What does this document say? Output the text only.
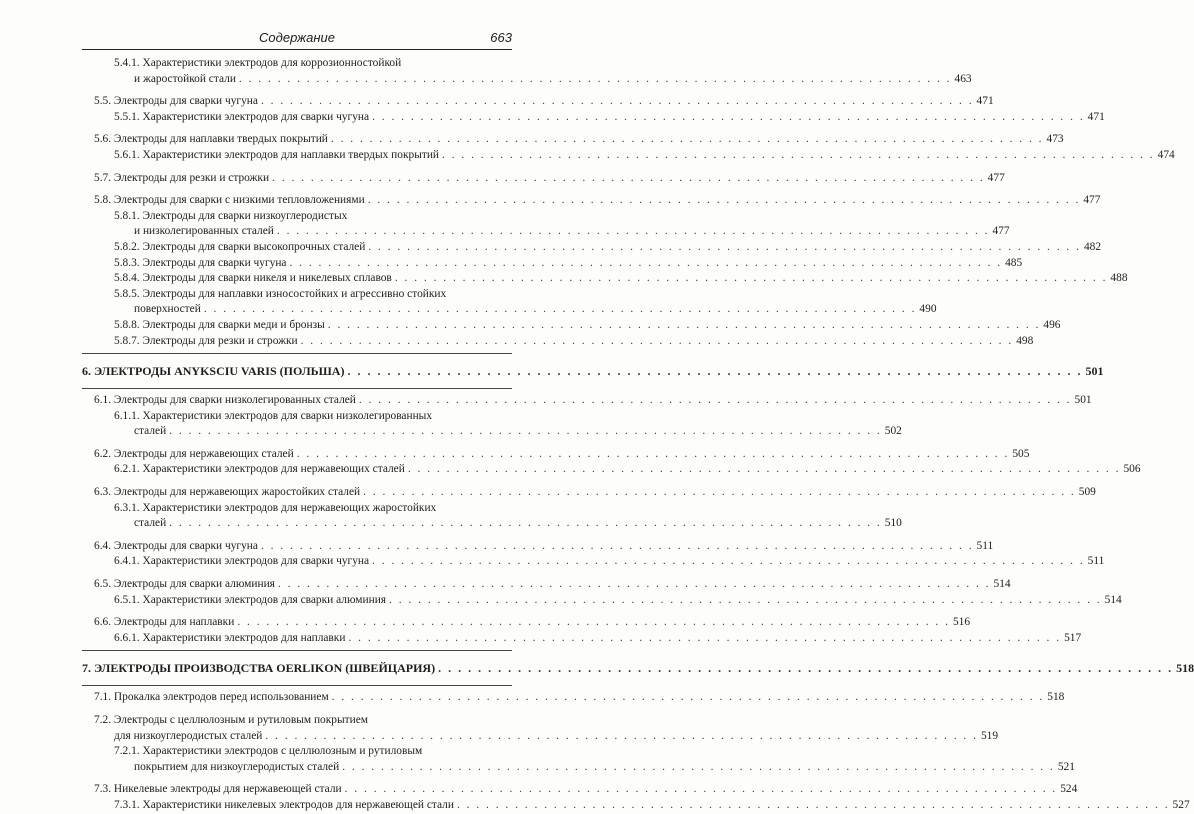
Содержание	663
5.4.1. Характеристики электродов для коррозионностойкой
и жаростойкой стали . . . . . . . . . . . . . . . . . . . . . . . . . . . . . . . . . . . . . . . . . . . . . . . . . . . . . . . . . . . . . . . . . . . . . . . . . . 463
5.5. Электроды для сварки чугуна . . . . . . . . . . . . . . . . . . . . . . . . . . . . . . . . . . . . . . . . . . . . . . . . . . . . . . . . . . . . . . . . . . . . . . . . . . 471
5.5.1. Характеристики электродов для сварки чугуна . . . . . . . . . . . . . . . . . . . . . . . . . . . . . . . . . . . . . . . . . . . . . . . . . . . . . . . . . . . . . . . . . . . . . . . . . . 471
5.6. Электроды для наплавки твердых покрытий . . . . . . . . . . . . . . . . . . . . . . . . . . . . . . . . . . . . . . . . . . . . . . . . . . . . . . . . . . . . . . . . . . . . . . . . . . 473
5.6.1. Характеристики электродов для наплавки твердых покрытий . . . . . . . . . . . . . . . . . . . . . . . . . . . . . . . . . . . . . . . . . . . . . . . . . . . . . . . . . . . . . . . . . . . . . . . . . . 474
5.7. Электроды для резки и строжки . . . . . . . . . . . . . . . . . . . . . . . . . . . . . . . . . . . . . . . . . . . . . . . . . . . . . . . . . . . . . . . . . . . . . . . . . . 477
5.8. Электроды для сварки с низкими тепловложениями . . . . . . . . . . . . . . . . . . . . . . . . . . . . . . . . . . . . . . . . . . . . . . . . . . . . . . . . . . . . . . . . . . . . . . . . . . 477
5.8.1. Электроды для сварки низкоуглеродистых
и низколегированных сталей . . . . . . . . . . . . . . . . . . . . . . . . . . . . . . . . . . . . . . . . . . . . . . . . . . . . . . . . . . . . . . . . . . . . . . . . . . 477
5.8.2. Электроды для сварки высокопрочных сталей . . . . . . . . . . . . . . . . . . . . . . . . . . . . . . . . . . . . . . . . . . . . . . . . . . . . . . . . . . . . . . . . . . . . . . . . . . 482
5.8.3. Электроды для сварки чугуна . . . . . . . . . . . . . . . . . . . . . . . . . . . . . . . . . . . . . . . . . . . . . . . . . . . . . . . . . . . . . . . . . . . . . . . . . . 485
5.8.4. Электроды для сварки никеля и никелевых сплавов . . . . . . . . . . . . . . . . . . . . . . . . . . . . . . . . . . . . . . . . . . . . . . . . . . . . . . . . . . . . . . . . . . . . . . . . . . 488
5.8.5. Электроды для наплавки износостойких и агрессивно стойких
поверхностей . . . . . . . . . . . . . . . . . . . . . . . . . . . . . . . . . . . . . . . . . . . . . . . . . . . . . . . . . . . . . . . . . . . . . . . . . . 490
5.8.8. Электроды для сварки меди и бронзы . . . . . . . . . . . . . . . . . . . . . . . . . . . . . . . . . . . . . . . . . . . . . . . . . . . . . . . . . . . . . . . . . . . . . . . . . . 496
5.8.7. Электроды для резки и строжки . . . . . . . . . . . . . . . . . . . . . . . . . . . . . . . . . . . . . . . . . . . . . . . . . . . . . . . . . . . . . . . . . . . . . . . . . . 498
6. ЭЛЕКТРОДЫ ANYKSCIU VARIS (ПОЛЬША) . . . . . . . . . . . . . . . . . . . . . . . . . . . . . . . . . . . . . . . . . . . . . . . . . . . . . . . . . . . . . . . . . . . . . . . . . . 501
6.1. Электроды для сварки низколегированных сталей . . . . . . . . . . . . . . . . . . . . . . . . . . . . . . . . . . . . . . . . . . . . . . . . . . . . . . . . . . . . . . . . . . . . . . . . . . 501
6.1.1. Характеристики электродов для сварки низколегированных
сталей . . . . . . . . . . . . . . . . . . . . . . . . . . . . . . . . . . . . . . . . . . . . . . . . . . . . . . . . . . . . . . . . . . . . . . . . . . 502
6.2. Электроды для нержавеющих сталей . . . . . . . . . . . . . . . . . . . . . . . . . . . . . . . . . . . . . . . . . . . . . . . . . . . . . . . . . . . . . . . . . . . . . . . . . . 505
6.2.1. Характеристики электродов для нержавеющих сталей . . . . . . . . . . . . . . . . . . . . . . . . . . . . . . . . . . . . . . . . . . . . . . . . . . . . . . . . . . . . . . . . . . . . . . . . . . 506
6.3. Электроды для нержавеющих жаростойких сталей . . . . . . . . . . . . . . . . . . . . . . . . . . . . . . . . . . . . . . . . . . . . . . . . . . . . . . . . . . . . . . . . . . . . . . . . . . 509
6.3.1. Характеристики электродов для нержавеющих жаростойких
сталей . . . . . . . . . . . . . . . . . . . . . . . . . . . . . . . . . . . . . . . . . . . . . . . . . . . . . . . . . . . . . . . . . . . . . . . . . . 510
6.4. Электроды для сварки чугуна . . . . . . . . . . . . . . . . . . . . . . . . . . . . . . . . . . . . . . . . . . . . . . . . . . . . . . . . . . . . . . . . . . . . . . . . . . 511
6.4.1. Характеристики электродов для сварки чугуна . . . . . . . . . . . . . . . . . . . . . . . . . . . . . . . . . . . . . . . . . . . . . . . . . . . . . . . . . . . . . . . . . . . . . . . . . . 511
6.5. Электроды для сварки алюминия . . . . . . . . . . . . . . . . . . . . . . . . . . . . . . . . . . . . . . . . . . . . . . . . . . . . . . . . . . . . . . . . . . . . . . . . . . 514
6.5.1. Характеристики электродов для сварки алюминия . . . . . . . . . . . . . . . . . . . . . . . . . . . . . . . . . . . . . . . . . . . . . . . . . . . . . . . . . . . . . . . . . . . . . . . . . . 514
6.6. Электроды для наплавки . . . . . . . . . . . . . . . . . . . . . . . . . . . . . . . . . . . . . . . . . . . . . . . . . . . . . . . . . . . . . . . . . . . . . . . . . . 516
6.6.1. Характеристики электродов для наплавки . . . . . . . . . . . . . . . . . . . . . . . . . . . . . . . . . . . . . . . . . . . . . . . . . . . . . . . . . . . . . . . . . . . . . . . . . . 517
7. ЭЛЕКТРОДЫ ПРОИЗВОДСТВА OERLIKON (ШВЕЙЦАРИЯ) . . . . . . . . . . . . . . . . . . . . . . . . . . . . . . . . . . . . . . . . . . . . . . . . . . . . . . . . . . . . . . . . . . . . . . . . . . 518
7.1. Прокалка электродов перед использованием . . . . . . . . . . . . . . . . . . . . . . . . . . . . . . . . . . . . . . . . . . . . . . . . . . . . . . . . . . . . . . . . . . . . . . . . . . 518
7.2. Электроды с целлюлозным и рутиловым покрытием
для низкоуглеродистых сталей . . . . . . . . . . . . . . . . . . . . . . . . . . . . . . . . . . . . . . . . . . . . . . . . . . . . . . . . . . . . . . . . . . . . . . . . . . 519
7.2.1. Характеристики электродов с целлюлозным и рутиловым
покрытием для низкоуглеродистых сталей . . . . . . . . . . . . . . . . . . . . . . . . . . . . . . . . . . . . . . . . . . . . . . . . . . . . . . . . . . . . . . . . . . . . . . . . . . 521
7.3. Никелевые электроды для нержавеющей стали . . . . . . . . . . . . . . . . . . . . . . . . . . . . . . . . . . . . . . . . . . . . . . . . . . . . . . . . . . . . . . . . . . . . . . . . . . 524
7.3.1. Характеристики никелевых электродов для нержавеющей стали . . . . . . . . . . . . . . . . . . . . . . . . . . . . . . . . . . . . . . . . . . . . . . . . . . . . . . . . . . . . . . . . . . . . . . . . . . 527
